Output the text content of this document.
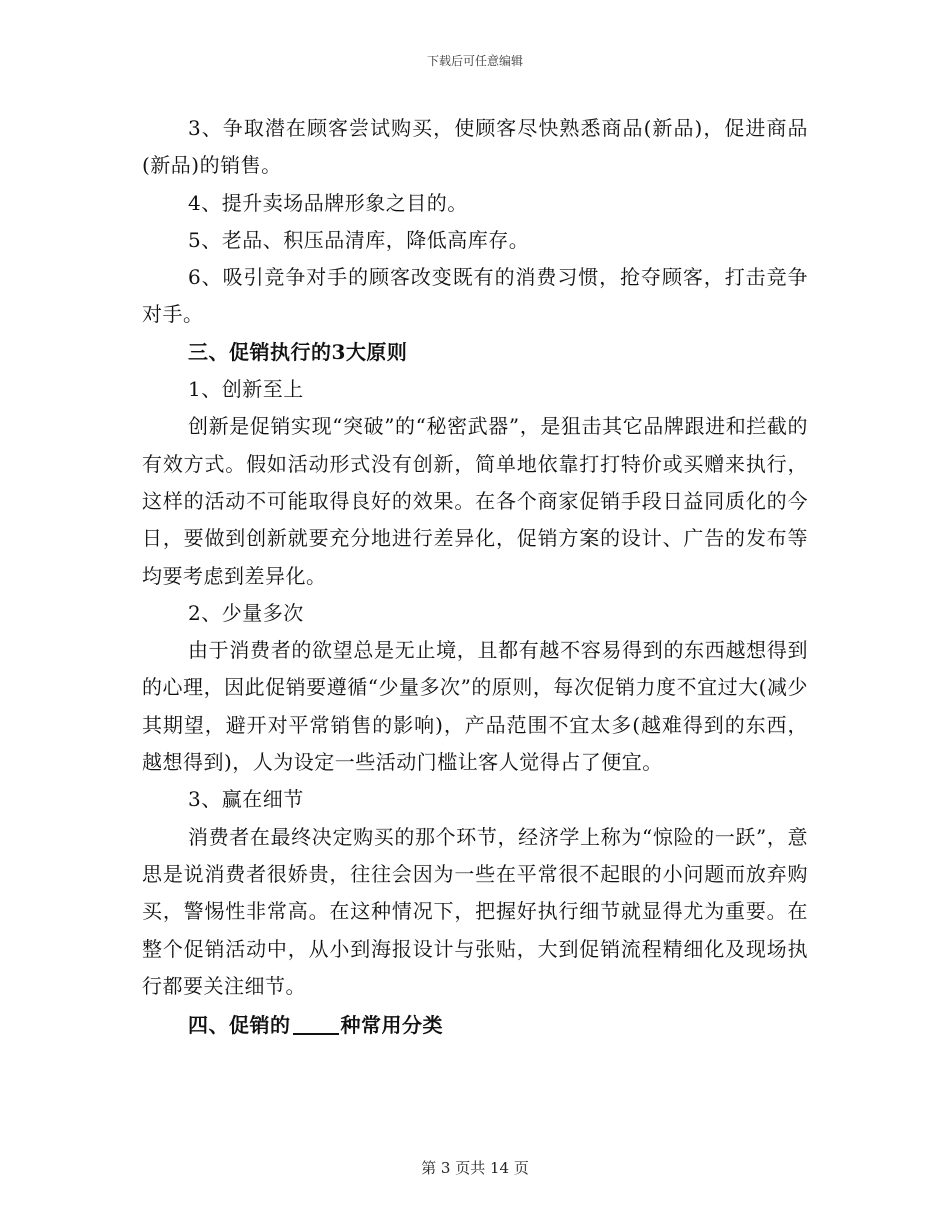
下载后可任意编辑

3、争取潜在顾客尝试购买，使顾客尽快熟悉商品(新品)，促进商品(新品)的销售。

4、提升卖场品牌形象之目的。

5、老品、积压品清库，降低高库存。

6、吸引竞争对手的顾客改变既有的消费习惯，抢夺顾客，打击竞争对手。

三、促销执行的3大原则

1、创新至上

创新是促销实现“突破”的“秘密武器”，是狙击其它品牌跟进和拦截的有效方式。假如活动形式没有创新，简单地依靠打打特价或买赠来执行，这样的活动不可能取得良好的效果。在各个商家促销手段日益同质化的今日，要做到创新就要充分地进行差异化，促销方案的设计、广告的发布等均要考虑到差异化。

2、少量多次

由于消费者的欲望总是无止境，且都有越不容易得到的东西越想得到的心理，因此促销要遵循“少量多次”的原则，每次促销力度不宜过大(减少其期望，避开对平常销售的影响)，产品范围不宜太多(越难得到的东西，越想得到)，人为设定一些活动门槛让客人觉得占了便宜。

3、赢在细节

消费者在最终决定购买的那个环节，经济学上称为“惊险的一跃”，意思是说消费者很娇贵，往往会因为一些在平常很不起眼的小问题而放弃购买，警惕性非常高。在这种情况下，把握好执行细节就显得尤为重要。在整个促销活动中，从小到海报设计与张贴，大到促销流程精细化及现场执行都要关注细节。

四、促销的	种常用分类

第 3 页共 14 页
